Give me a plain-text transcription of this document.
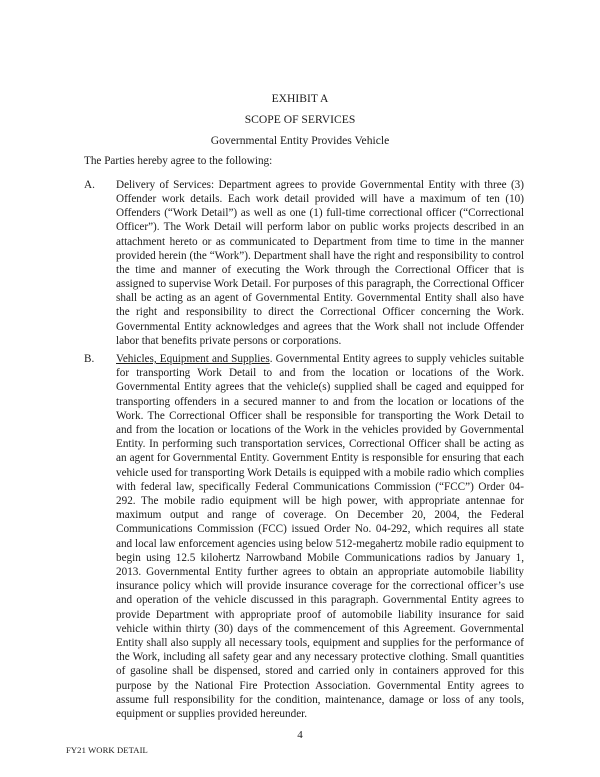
EXHIBIT A
SCOPE OF SERVICES
Governmental Entity Provides Vehicle
The Parties hereby agree to the following:
A. Delivery of Services: Department agrees to provide Governmental Entity with three (3) Offender work details. Each work detail provided will have a maximum of ten (10) Offenders (“Work Detail”) as well as one (1) full-time correctional officer (“Correctional Officer”). The Work Detail will perform labor on public works projects described in an attachment hereto or as communicated to Department from time to time in the manner provided herein (the “Work”). Department shall have the right and responsibility to control the time and manner of executing the Work through the Correctional Officer that is assigned to supervise Work Detail. For purposes of this paragraph, the Correctional Officer shall be acting as an agent of Governmental Entity. Governmental Entity shall also have the right and responsibility to direct the Correctional Officer concerning the Work. Governmental Entity acknowledges and agrees that the Work shall not include Offender labor that benefits private persons or corporations.
B. Vehicles, Equipment and Supplies. Governmental Entity agrees to supply vehicles suitable for transporting Work Detail to and from the location or locations of the Work. Governmental Entity agrees that the vehicle(s) supplied shall be caged and equipped for transporting offenders in a secured manner to and from the location or locations of the Work. The Correctional Officer shall be responsible for transporting the Work Detail to and from the location or locations of the Work in the vehicles provided by Governmental Entity. In performing such transportation services, Correctional Officer shall be acting as an agent for Governmental Entity. Government Entity is responsible for ensuring that each vehicle used for transporting Work Details is equipped with a mobile radio which complies with federal law, specifically Federal Communications Commission (“FCC”) Order 04-292. The mobile radio equipment will be high power, with appropriate antennae for maximum output and range of coverage. On December 20, 2004, the Federal Communications Commission (FCC) issued Order No. 04-292, which requires all state and local law enforcement agencies using below 512-megahertz mobile radio equipment to begin using 12.5 kilohertz Narrowband Mobile Communications radios by January 1, 2013. Governmental Entity further agrees to obtain an appropriate automobile liability insurance policy which will provide insurance coverage for the correctional officer’s use and operation of the vehicle discussed in this paragraph. Governmental Entity agrees to provide Department with appropriate proof of automobile liability insurance for said vehicle within thirty (30) days of the commencement of this Agreement. Governmental Entity shall also supply all necessary tools, equipment and supplies for the performance of the Work, including all safety gear and any necessary protective clothing. Small quantities of gasoline shall be dispensed, stored and carried only in containers approved for this purpose by the National Fire Protection Association. Governmental Entity agrees to assume full responsibility for the condition, maintenance, damage or loss of any tools, equipment or supplies provided hereunder.
4
FY21 WORK DETAIL
